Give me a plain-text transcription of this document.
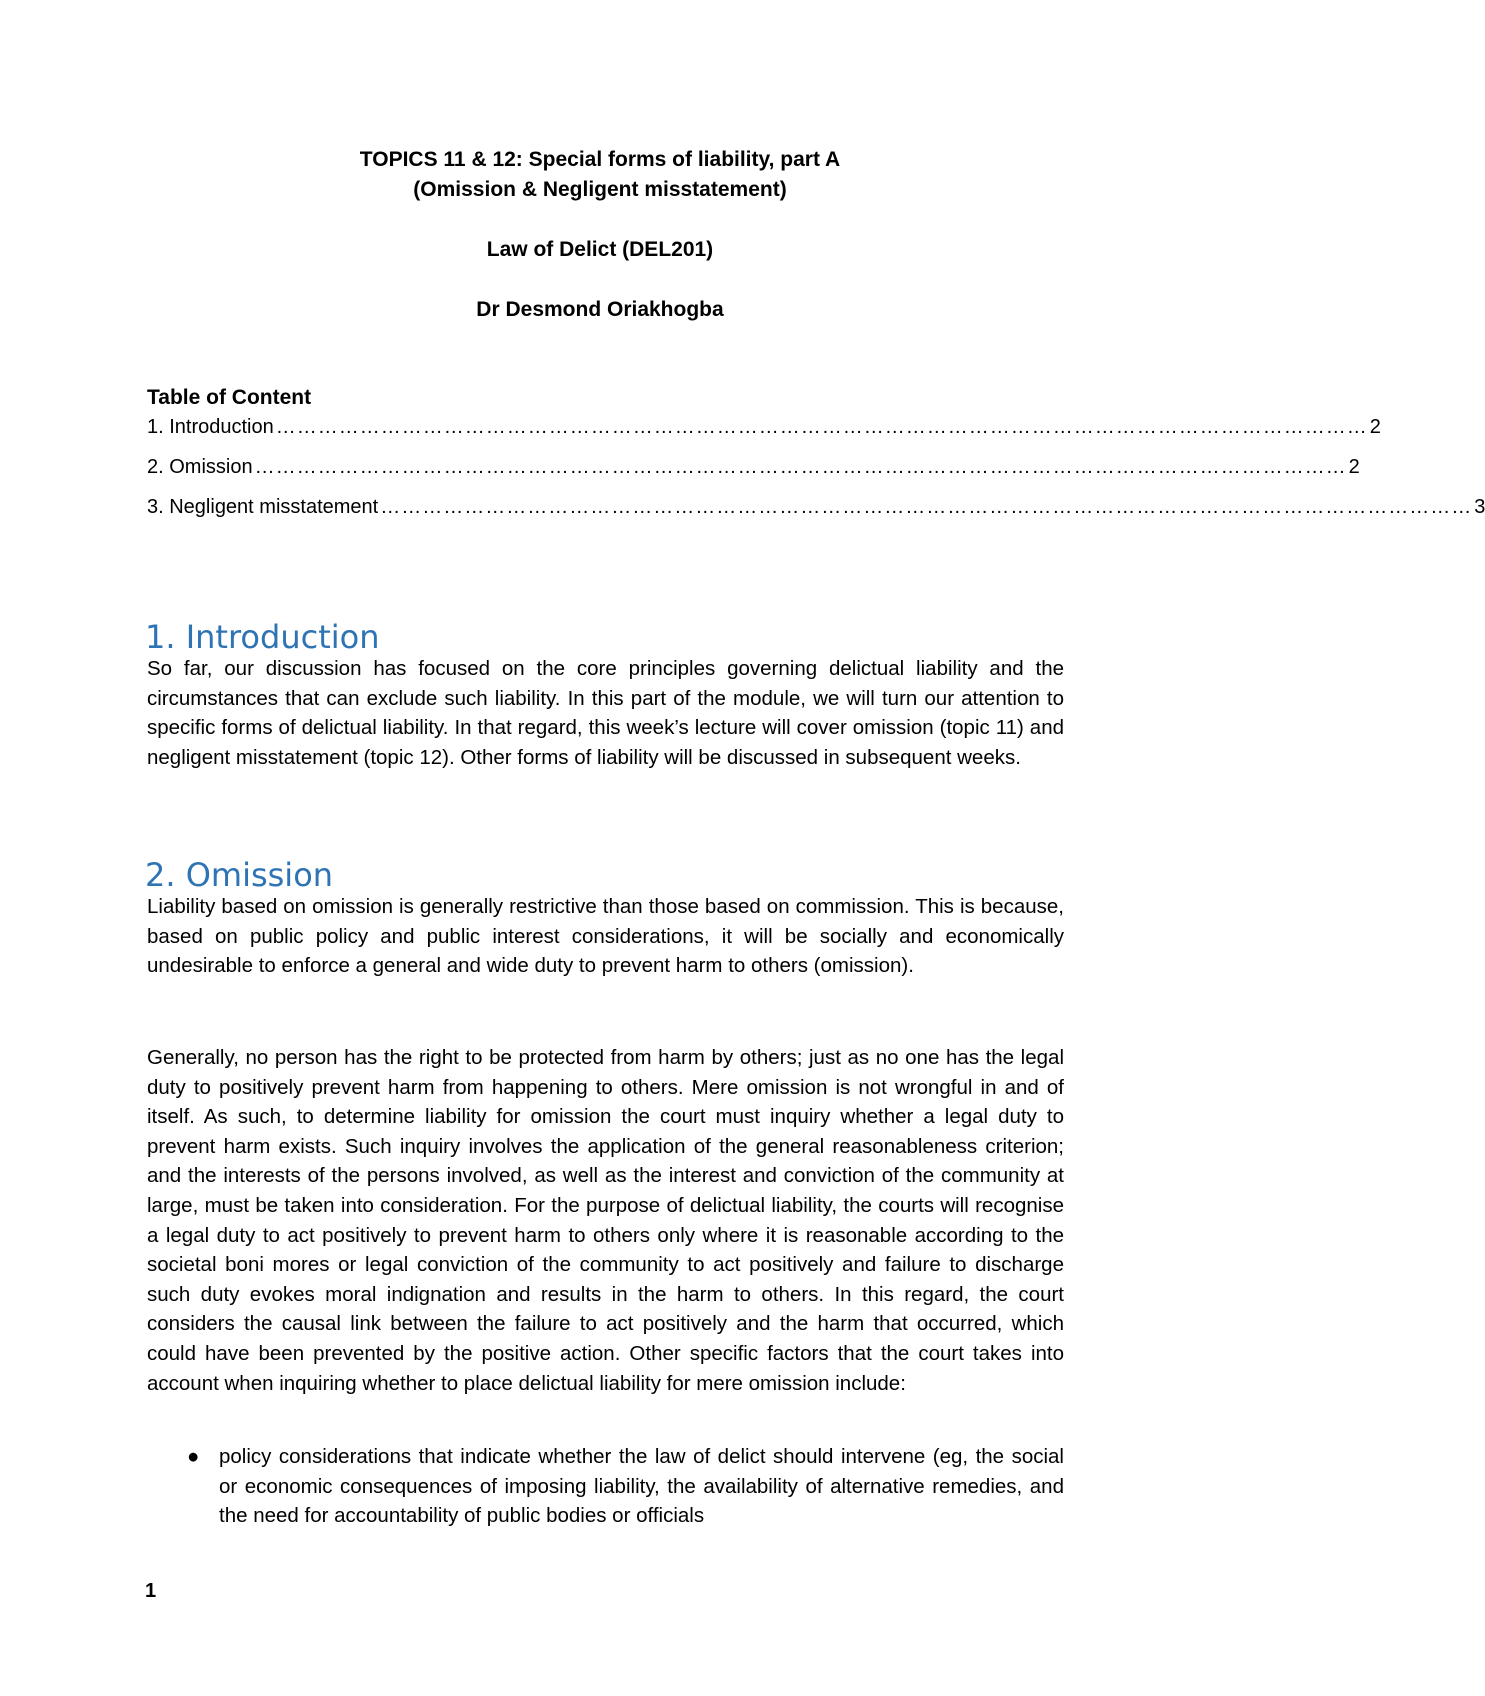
TOPICS 11 & 12: Special forms of liability, part A
(Omission & Negligent misstatement)
Law of Delict (DEL201)
Dr Desmond Oriakhogba
Table of Content
1. Introduction ………………………………………………………………………………………………………………………………………… 2
2. Omission ………………………………………………………………………………………………………………………………………… 2
3. Negligent misstatement ………………………………………………………………………………………………………………………………………… 3
1. Introduction
So far, our discussion has focused on the core principles governing delictual liability and the circumstances that can exclude such liability. In this part of the module, we will turn our attention to specific forms of delictual liability. In that regard, this week’s lecture will cover omission (topic 11) and negligent misstatement (topic 12). Other forms of liability will be discussed in subsequent weeks.
2. Omission
Liability based on omission is generally restrictive than those based on commission. This is because, based on public policy and public interest considerations, it will be socially and economically undesirable to enforce a general and wide duty to prevent harm to others (omission).
Generally, no person has the right to be protected from harm by others; just as no one has the legal duty to positively prevent harm from happening to others. Mere omission is not wrongful in and of itself. As such, to determine liability for omission the court must inquiry whether a legal duty to prevent harm exists. Such inquiry involves the application of the general reasonableness criterion; and the interests of the persons involved, as well as the interest and conviction of the community at large, must be taken into consideration. For the purpose of delictual liability, the courts will recognise a legal duty to act positively to prevent harm to others only where it is reasonable according to the societal boni mores or legal conviction of the community to act positively and failure to discharge such duty evokes moral indignation and results in the harm to others. In this regard, the court considers the causal link between the failure to act positively and the harm that occurred, which could have been prevented by the positive action. Other specific factors that the court takes into account when inquiring whether to place delictual liability for mere omission include:
● policy considerations that indicate whether the law of delict should intervene (eg, the social or economic consequences of imposing liability, the availability of alternative remedies, and the need for accountability of public bodies or officials
1
